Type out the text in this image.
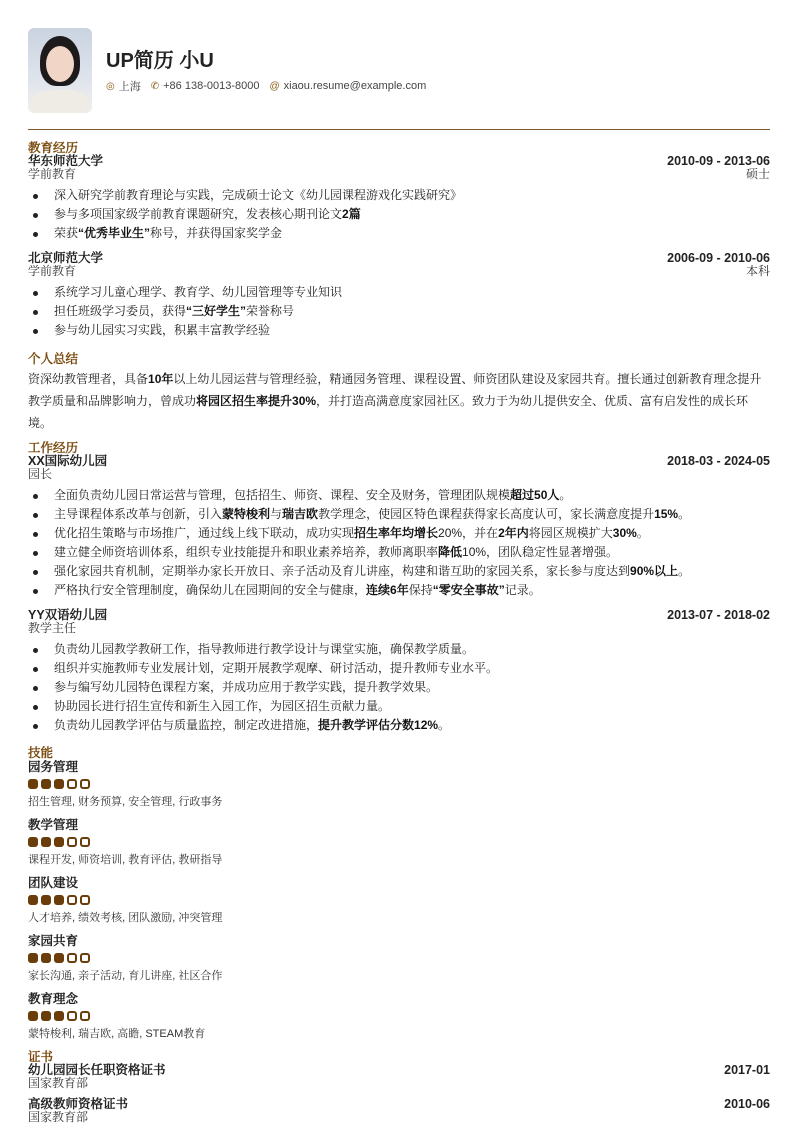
UP简历 小U
◎ 上海 ✆ +86 138-0013-8000 @ xiaou.resume@example.com
教育经历
华东师范大学	2010-09 - 2013-06
学前教育	硕士
深入研究学前教育理论与实践，完成硕士论文《幼儿园课程游戏化实践研究》
参与多项国家级学前教育课题研究，发表核心期刊论文2篇
荣获“优秀毕业生”称号，并获得国家奖学金
北京师范大学	2006-09 - 2010-06
学前教育	本科
系统学习儿童心理学、教育学、幼儿园管理等专业知识
担任班级学习委员，获得“三好学生”荣誉称号
参与幼儿园实习实践，积累丰富教学经验
个人总结
资深幼教管理者，具备10年以上幼儿园运营与管理经验，精通园务管理、课程设置、师资团队建设及家园共育。擅长通过创新教育理念提升教学质量和品牌影响力，曾成功将园区招生率提升30%，并打造高满意度家园社区。致力于为幼儿提供安全、优质、富有启发性的成长环境。
工作经历
XX国际幼儿园	2018-03 - 2024-05
园长
全面负责幼儿园日常运营与管理，包括招生、师资、课程、安全及财务，管理团队规模超过50人。
主导课程体系改革与创新，引入蒙特梭利与瑞吉欧教学理念，使园区特色课程获得家长高度认可，家长满意度提升15%。
优化招生策略与市场推广，通过线上线下联动，成功实现招生率年均增长20%，并在2年内将园区规模扩大30%。
建立健全师资培训体系，组织专业技能提升和职业素养培养，教师离职率降低10%，团队稳定性显著增强。
强化家园共育机制，定期举办家长开放日、亲子活动及育儿讲座，构建和谐互助的家园关系，家长参与度达到90%以上。
严格执行安全管理制度，确保幼儿在园期间的安全与健康，连续6年保持“零安全事故”记录。
YY双语幼儿园	2013-07 - 2018-02
教学主任
负责幼儿园教学教研工作，指导教师进行教学设计与课堂实施，确保教学质量。
组织并实施教师专业发展计划，定期开展教学观摩、研讨活动，提升教师专业水平。
参与编写幼儿园特色课程方案，并成功应用于教学实践，提升教学效果。
协助园长进行招生宣传和新生入园工作，为园区招生贡献力量。
负责幼儿园教学评估与质量监控，制定改进措施，提升教学评估分数12%。
技能
园务管理
招生管理, 财务预算, 安全管理, 行政事务
教学管理
课程开发, 师资培训, 教育评估, 教研指导
团队建设
人才培养, 绩效考核, 团队激励, 冲突管理
家园共育
家长沟通, 亲子活动, 育儿讲座, 社区合作
教育理念
蒙特梭利, 瑞吉欧, 高瞻, STEAM教育
证书
幼儿园园长任职资格证书	2017-01
国家教育部
高级教师资格证书	2010-06
国家教育部
